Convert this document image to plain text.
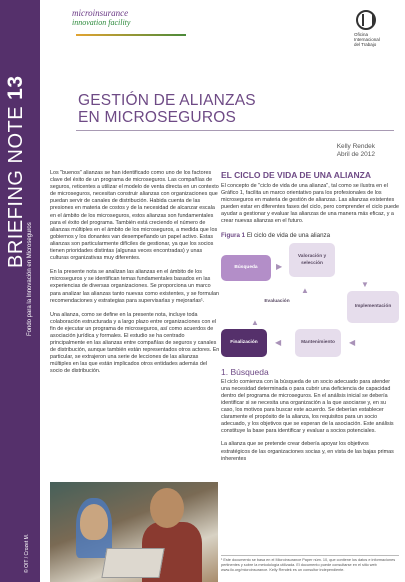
BRIEFING NOTE 13
Fondo para la Innovación en Microseguros
microinsurance
innovation facility
Oficina
Internacional
del Trabajo
GESTIÓN DE ALIANZAS
EN MICROSEGUROS
Kelly Rendek
Abril de 2012

Los "buenos" alianzas se han identificado como uno de los factores clave del éxito de un programa de microseguros. Las compañías de seguros, reticentes a utilizar el modelo de venta directa en un contexto de microseguros, necesitan construir alianzas con organizaciones que puedan servir de canales de distribución. Habida cuenta de las presiones en materia de costos y de la necesidad de alcanzar escala en el ámbito de los microseguros, estos alianzas son fundamentales para el éxito del programa. También está creciendo el número de alianzas múltiples en el ámbito de los microseguros, a medida que los gobiernos y los donantes van desempeñando un papel activo. Estas alianzas son particularmente difíciles de gestionar, ya que los socios tienen prioridades distintas (algunas veces encontradas) y unas culturas organizativas muy diferentes.

En la presente nota se analizan las alianzas en el ámbito de los microseguros y se identifican temas fundamentales basados en las experiencias de diversas organizaciones. Se proporciona un marco para analizar las alianzas tanto nuevas como existentes, y se formulan recomendaciones y estrategias para supervisarlas y mejorarlas¹.

Una alianza, como se define en la presente nota, incluye toda colaboración estructurada y a largo plazo entre organizaciones con el fin de ejecutar un programa de microseguros, así como acuerdos de asociación jurídica y formales. El estudio se ha centrado principalmente en las alianzas entre compañías de seguros y canales de distribución, aunque también están representados otros actores. En particular, se extrajeron una serie de lecciones de las alianzas múltiples en las que están implicados otros entidades además del socio de distribución.

EL CICLO DE VIDA DE UNA ALIANZA
El concepto de "ciclo de vida de una alianza", tal como se ilustra en el Gráfico 1, facilita un marco orientativo para los profesionales de los microseguros en materia de gestión de alianzas. Las alianzas existentes pueden estar en diferentes fases del ciclo, pero comprender el ciclo puede ayudar a gestionar y evaluar las alianzas de una manera más eficaz, y a crear nuevas alianzas en el futuro.
Figura 1 El ciclo de vida de una alianza
Búsqueda
Valoración y selección
Implementación
Mantenimiento
Finalización
Evaluación
▶
▼
◀
◀
▲
▲
1. Búsqueda
El ciclo comienza con la búsqueda de un socio adecuado para atender una necesidad determinada o para cubrir una deficiencia de capacidad dentro del programa de microseguros. En el análisis inicial se debería identificar si se necesita una organización a la que asociarse y, en su caso, los motivos para buscar este acuerdo. Se deberían establecer claramente el propósito de la alianza, los requisitos para un socio adecuado, y los objetivos que se esperan de la asociación. Este análisis constituye la base para identificar y evaluar a socios potenciales.
La alianza que se pretende crear debería apoyar los objetivos estratégicos de las organizaciones socias y, en vista de las bajas primas inherentes
© OIT / Crozet M.	¹ Este documento se basa en el Microinsurance Paper núm. 10, que contiene los datos e informaciones pertinentes y sobre la metodología utilizada. El documento puede consultarse en el sitio web www.ilo.org/microinsurance. Kelly Rendek es un consultor independiente.
